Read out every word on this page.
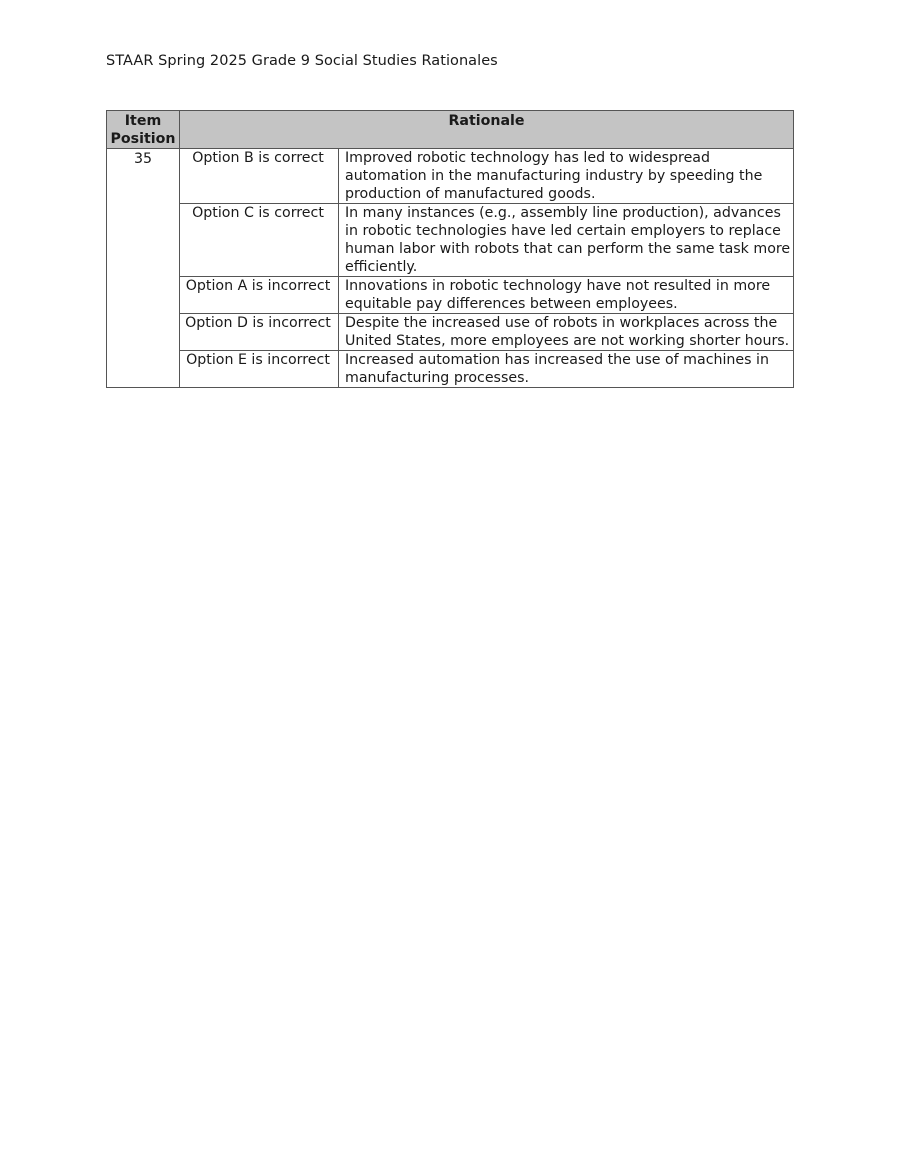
STAAR Spring 2025 Grade 9 Social Studies Rationales
Item
Position	Rationale	
35	Option B is correct	Improved robotic technology has led to widespread automation in the manufacturing industry by speeding the production of manufactured goods.
	Option C is correct	In many instances (e.g., assembly line production), advances in robotic technologies have led certain employers to replace human labor with robots that can perform the same task more efficiently.
	Option A is incorrect	Innovations in robotic technology have not resulted in more equitable pay differences between employees.
	Option D is incorrect	Despite the increased use of robots in workplaces across the United States, more employees are not working shorter hours.
	Option E is incorrect	Increased automation has increased the use of machines in manufacturing processes.
